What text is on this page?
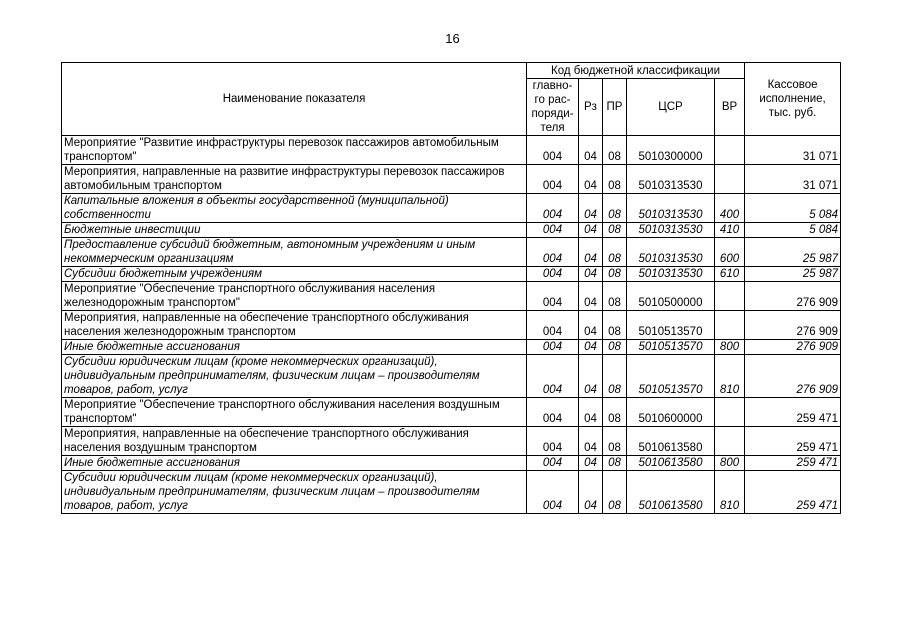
16
Наименование показателя	Код бюджетной классификации					Кассовое исполнение, тыс. руб.
	главно-го рас-поряди-теля	Рз	ПР	ЦСР	ВР	
Мероприятие "Развитие инфраструктуры перевозок пассажиров автомобильным транспортом"	004	04	08	5010300000		31 071
Мероприятия, направленные на развитие инфраструктуры перевозок пассажиров автомобильным транспортом	004	04	08	5010313530		31 071
Капитальные вложения в объекты государственной (муниципальной) собственности	004	04	08	5010313530	400	5 084
Бюджетные инвестиции	004	04	08	5010313530	410	5 084
Предоставление субсидий бюджетным, автономным учреждениям и иным некоммерческим организациям	004	04	08	5010313530	600	25 987
Субсидии бюджетным учреждениям	004	04	08	5010313530	610	25 987
Мероприятие "Обеспечение транспортного обслуживания населения железнодорожным транспортом"	004	04	08	5010500000		276 909
Мероприятия, направленные на обеспечение транспортного обслуживания населения железнодорожным транспортом	004	04	08	5010513570		276 909
Иные бюджетные ассигнования	004	04	08	5010513570	800	276 909
Субсидии юридическим лицам (кроме некоммерческих организаций), индивидуальным предпринимателям, физическим лицам – производителям товаров, работ, услуг	004	04	08	5010513570	810	276 909
Мероприятие "Обеспечение транспортного обслуживания населения воздушным транспортом"	004	04	08	5010600000		259 471
Мероприятия, направленные на обеспечение транспортного обслуживания населения воздушным транспортом	004	04	08	5010613580		259 471
Иные бюджетные ассигнования	004	04	08	5010613580	800	259 471
Субсидии юридическим лицам (кроме некоммерческих организаций), индивидуальным предпринимателям, физическим лицам – производителям товаров, работ, услуг	004	04	08	5010613580	810	259 471
